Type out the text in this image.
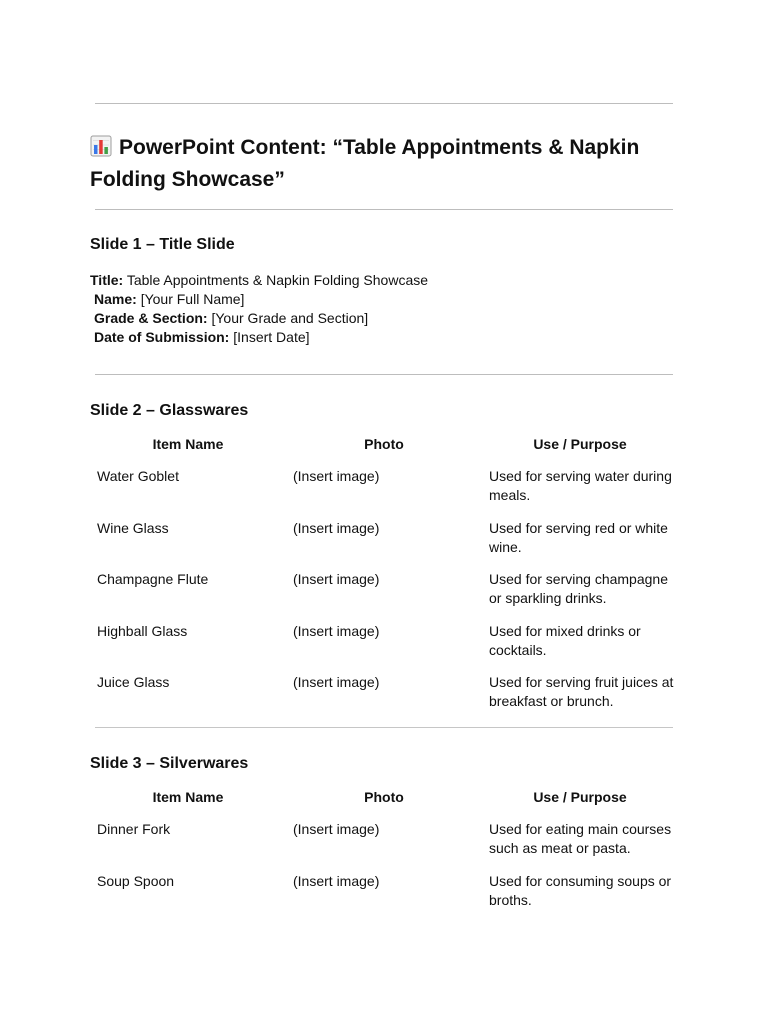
PowerPoint Content: “Table Appointments & Napkin Folding Showcase”
Slide 1 – Title Slide
Title: Table Appointments & Napkin Folding Showcase
Name: [Your Full Name]
Grade & Section: [Your Grade and Section]
Date of Submission: [Insert Date]
Slide 2 – Glasswares
Item Name	Photo	Use / Purpose
Water Goblet	(Insert image)	Used for serving water during meals.
Wine Glass	(Insert image)	Used for serving red or white wine.
Champagne Flute	(Insert image)	Used for serving champagne or sparkling drinks.
Highball Glass	(Insert image)	Used for mixed drinks or cocktails.
Juice Glass	(Insert image)	Used for serving fruit juices at breakfast or brunch.
Slide 3 – Silverwares
Item Name	Photo	Use / Purpose
Dinner Fork	(Insert image)	Used for eating main courses such as meat or pasta.
Soup Spoon	(Insert image)	Used for consuming soups or broths.
